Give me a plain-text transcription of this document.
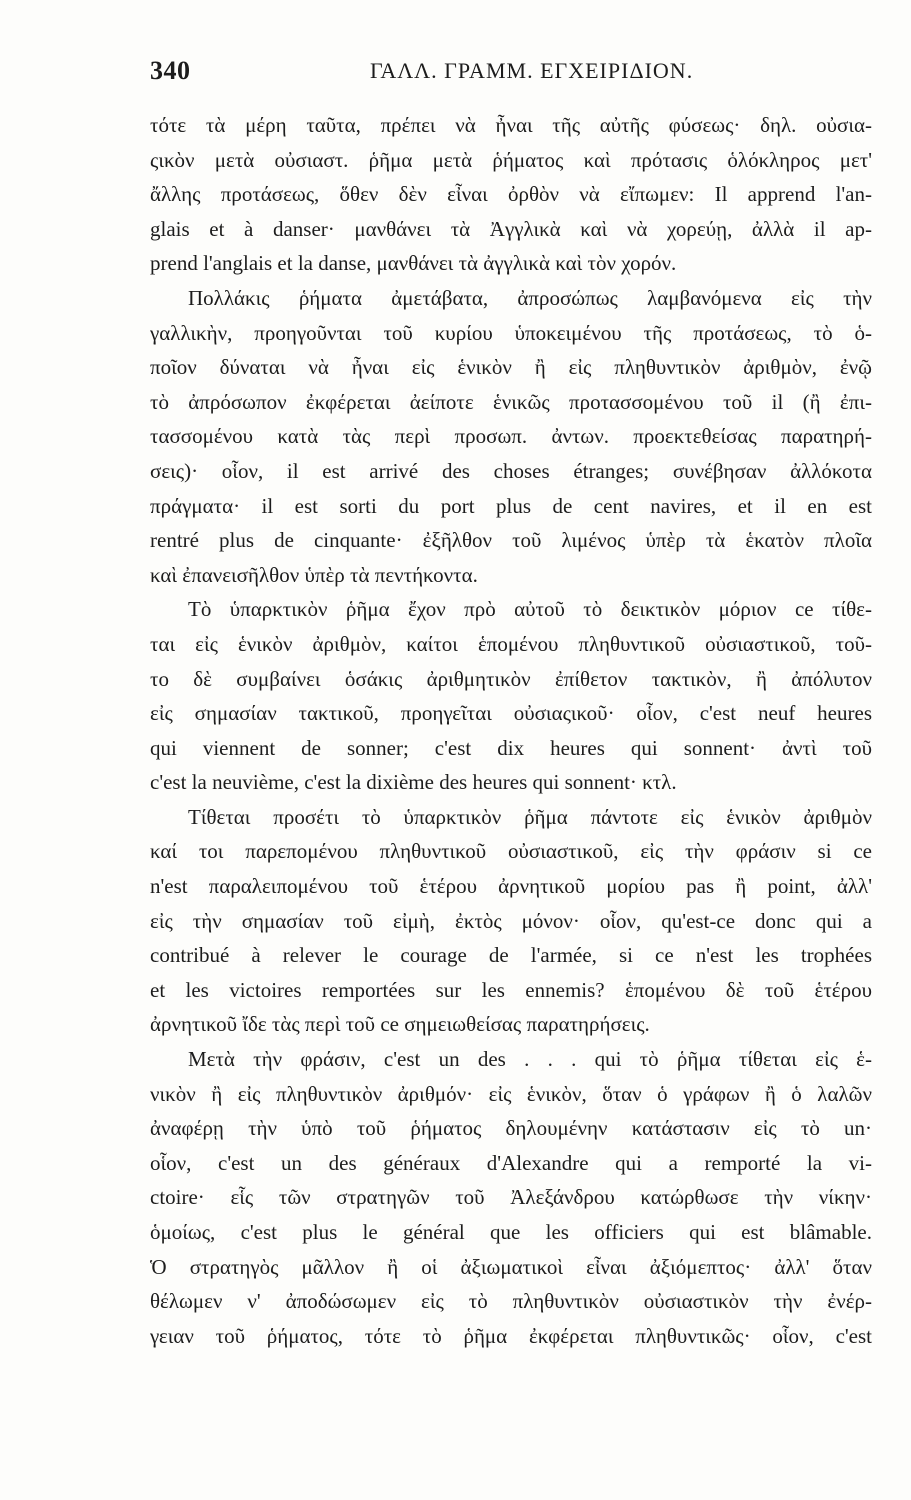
340	ΓΑΛΛ. ΓΡΑΜΜ. ΕΓΧΕΙΡΙΔΙΟΝ.
τότε τὰ μέρη ταῦτα, πρέπει νὰ ἦναι τῆς αὐτῆς φύσεως· δηλ. οὐσια-
ςικὸν μετὰ οὐσιαστ. ῥῆμα μετὰ ῥήματος καὶ πρότασις ὁλόκληρος μετ'
ἄλλης προτάσεως, ὅθεν δὲν εἶναι ὀρθὸν νὰ εἴπωμεν: Il apprend l'an-
glais et à danser· μανθάνει τὰ Ἀγγλικὰ καὶ νὰ χορεύῃ, ἀλλὰ il ap-
prend l'anglais et la danse, μανθάνει τὰ ἀγγλικὰ καὶ τὸν χορόν.
Πολλάκις ῥήματα ἀμετάβατα, ἀπροσώπως λαμβανόμενα εἰς τὴν
γαλλικὴν, προηγοῦνται τοῦ κυρίου ὑποκειμένου τῆς προτάσεως, τὸ ὁ-
ποῖον δύναται νὰ ἦναι εἰς ἑνικὸν ἢ εἰς πληθυντικὸν ἀριθμὸν, ἐνῷ
τὸ ἀπρόσωπον ἐκφέρεται ἀείποτε ἑνικῶς προτασσομένου τοῦ il (ἢ ἐπι-
τασσομένου κατὰ τὰς περὶ προσωπ. ἀντων. προεκτεθείσας παρατηρή-
σεις)· οἷον, il est arrivé des choses étranges; συνέβησαν ἀλλόκοτα
πράγματα· il est sorti du port plus de cent navires, et il en est
rentré plus de cinquante· ἐξῆλθον τοῦ λιμένος ὑπὲρ τὰ ἑκατὸν πλοῖα
καὶ ἐπανεισῆλθον ὑπὲρ τὰ πεντήκοντα.
Τὸ ὑπαρκτικὸν ῥῆμα ἔχον πρὸ αὐτοῦ τὸ δεικτικὸν μόριον ce τίθε-
ται εἰς ἑνικὸν ἀριθμὸν, καίτοι ἑπομένου πληθυντικοῦ οὐσιαστικοῦ, τοῦ-
το δὲ συμβαίνει ὁσάκις ἀριθμητικὸν ἐπίθετον τακτικὸν, ἢ ἀπόλυτον
εἰς σημασίαν τακτικοῦ, προηγεῖται οὐσιαςικοῦ· οἷον, c'est neuf heures
qui viennent de sonner; c'est dix heures qui sonnent· ἀντὶ τοῦ
c'est la neuvième, c'est la dixième des heures qui sonnent· κτλ.
Τίθεται προσέτι τὸ ὑπαρκτικὸν ῥῆμα πάντοτε εἰς ἑνικὸν ἀριθμὸν
καί τοι παρεπομένου πληθυντικοῦ οὐσιαστικοῦ, εἰς τὴν φράσιν si ce
n'est παραλειπομένου τοῦ ἑτέρου ἀρνητικοῦ μορίου pas ἢ point, ἀλλ'
εἰς τὴν σημασίαν τοῦ εἰμὴ, ἐκτὸς μόνον· οἷον, qu'est-ce donc qui a
contribué à relever le courage de l'armée, si ce n'est les trophées
et les victoires remportées sur les ennemis? ἑπομένου δὲ τοῦ ἑτέρου
ἀρνητικοῦ ἴδε τὰς περὶ τοῦ ce σημειωθείσας παρατηρήσεις.
Μετὰ τὴν φράσιν, c'est un des . . . qui τὸ ῥῆμα τίθεται εἰς ἑ-
νικὸν ἢ εἰς πληθυντικὸν ἀριθμόν· εἰς ἑνικὸν, ὅταν ὁ γράφων ἢ ὁ λαλῶν
ἀναφέρῃ τὴν ὑπὸ τοῦ ῥήματος δηλουμένην κατάστασιν εἰς τὸ un·
οἷον, c'est un des généraux d'Alexandre qui a remporté la vi-
ctoire· εἷς τῶν στρατηγῶν τοῦ Ἀλεξάνδρου κατώρθωσε τὴν νίκην·
ὁμοίως, c'est plus le général que les officiers qui est blâmable.
Ὁ στρατηγὸς μᾶλλον ἢ οἱ ἀξιωματικοὶ εἶναι ἀξιόμεπτος· ἀλλ' ὅταν
θέλωμεν ν' ἀποδώσωμεν εἰς τὸ πληθυντικὸν οὐσιαστικὸν τὴν ἐνέρ-
γειαν τοῦ ῥήματος, τότε τὸ ῥῆμα ἐκφέρεται πληθυντικῶς· οἷον, c'est
